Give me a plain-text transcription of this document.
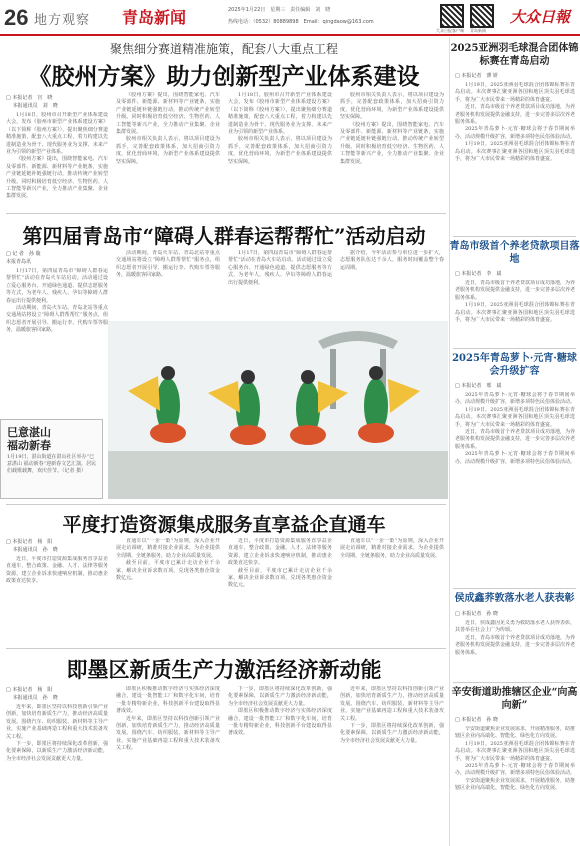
26 地方观察 青岛新闻	2025年1月22日　星期三　责任编辑　刘　晓
热线电话：（0532）80889898　Email：qingdaow@163.com
大众日报客户端 青岛新闻
大众日報
聚焦细分赛道精准施策，配套八大重点工程
《胶州方案》助力创新型产业体系建设
□ 本报记者　宫　晓
　 本报通讯员　刘　晓

1月18日，胶州市召开新型产业体系建设大会，发布《胶州市新型产业体系建设方案》（以下简称《胶州方案》），提出聚焦细分赛道精准施策，配套八大重点工程，着力构建以先进制造业为骨干、现代服务业为支撑、未来产业为引领的新型产业体系。

《胶州方案》提出，围绕智能家电、汽车及零部件、新能源、新材料等产业链条，实施产业链延链补链强链行动，推动传统产业转型升级。同时积极培育低空经济、生物医药、人工智能等新兴产业，全力推动产业集聚、企业集群发展。

《胶州方案》提出，围绕智能家电、汽车及零部件、新能源、新材料等产业链条，实施产业链延链补链强链行动，推动传统产业转型升级。同时积极培育低空经济、生物医药、人工智能等新兴产业，全力推动产业集聚、企业集群发展。

胶州市相关负责人表示，将以项目建设为抓手，完善配套政策体系，加大招商引资力度，优化营商环境，为新型产业体系建设提供坚实保障。

1月18日，胶州市召开新型产业体系建设大会，发布《胶州市新型产业体系建设方案》（以下简称《胶州方案》），提出聚焦细分赛道精准施策，配套八大重点工程，着力构建以先进制造业为骨干、现代服务业为支撑、未来产业为引领的新型产业体系。

胶州市相关负责人表示，将以项目建设为抓手，完善配套政策体系，加大招商引资力度，优化营商环境，为新型产业体系建设提供坚实保障。

胶州市相关负责人表示，将以项目建设为抓手，完善配套政策体系，加大招商引资力度，优化营商环境，为新型产业体系建设提供坚实保障。

《胶州方案》提出，围绕智能家电、汽车及零部件、新能源、新材料等产业链条，实施产业链延链补链强链行动，推动传统产业转型升级。同时积极培育低空经济、生物医药、人工智能等新兴产业，全力推动产业集聚、企业集群发展。

第四届青岛市“障碍人群春运帮帮忙”活动启动
□ 记 者　孙 璇
本报青岛讯

1月17日，第四届青岛市“障碍人群春运帮帮忙”活动在青岛火车站启动。活动通过设立爱心服务台、开通绿色通道、提供志愿服务等方式，为老年人、残疾人、孕妇等障碍人群春运出行提供便利。

活动期间，青岛火车站、青岛北站等重点交通场站将设立“障碍人群帮帮忙”服务点，组织志愿者开展引导、搬运行李、代购车票等服务，温暖旅客回家路。

活动期间，青岛火车站、青岛北站等重点交通场站将设立“障碍人群帮帮忙”服务点，组织志愿者开展引导、搬运行李、代购车票等服务，温暖旅客回家路。

1月17日，第四届青岛市“障碍人群春运帮帮忙”活动在青岛火车站启动。活动通过设立爱心服务台、开通绿色通道、提供志愿服务等方式，为老年人、残疾人、孕妇等障碍人群春运出行提供便利。

据介绍，今年活动参与单位进一步扩大，志愿服务队伍达千余人，服务时间覆盖整个春运周期。

巳意湛山
福动新春
1月19日，湛山街道在湛山社区举办“巳意湛山 福动新春”迎新春文艺汇演，居民们载歌载舞，欢庆佳节。（记者 摄）
平度打造资源集成服务直享益企直通车
□ 本报记者　杨　阳
　 本报通讯员　孙　晓

近日，平度市打造资源集成服务直享益企直通车，整合政策、金融、人才、法律等服务资源，建立企业诉求快速响应机制，推动惠企政策直达快享。

直通车以“一企一策”为原则，深入企业开展走访调研，精准对接企业需求，为企业提供全周期、全链条服务，助力企业高质量发展。

截至目前，平度市已累计走访企业千余家，解决企业诉求数百项，兑现各类惠企资金数亿元。

近日，平度市打造资源集成服务直享益企直通车，整合政策、金融、人才、法律等服务资源，建立企业诉求快速响应机制，推动惠企政策直达快享。

截至目前，平度市已累计走访企业千余家，解决企业诉求数百项，兑现各类惠企资金数亿元。

直通车以“一企一策”为原则，深入企业开展走访调研，精准对接企业需求，为企业提供全周期、全链条服务，助力企业高质量发展。

即墨区新质生产力激活经济新动能
□ 本报记者　杨　阳
　 本报通讯员　孙　晓

近年来，即墨区坚持以科技创新引领产业创新，加快培育新质生产力，推动经济高质量发展。围绕汽车、纺织服装、新材料等主导产业，实施产业基础再造工程和重大技术装备攻关工程。

下一步，即墨区将持续深化改革创新，强化要素保障，以新质生产力激活经济新动能，为全市经济社会发展贡献更大力量。

即墨区积极推动数字经济与实体经济深度融合，建设一批智能工厂和数字化车间，培育一批专精特新企业，科技创新平台建设取得显著成效。

近年来，即墨区坚持以科技创新引领产业创新，加快培育新质生产力，推动经济高质量发展。围绕汽车、纺织服装、新材料等主导产业，实施产业基础再造工程和重大技术装备攻关工程。

下一步，即墨区将持续深化改革创新，强化要素保障，以新质生产力激活经济新动能，为全市经济社会发展贡献更大力量。

即墨区积极推动数字经济与实体经济深度融合，建设一批智能工厂和数字化车间，培育一批专精特新企业，科技创新平台建设取得显著成效。

近年来，即墨区坚持以科技创新引领产业创新，加快培育新质生产力，推动经济高质量发展。围绕汽车、纺织服装、新材料等主导产业，实施产业基础再造工程和重大技术装备攻关工程。

下一步，即墨区将持续深化改革创新，强化要素保障，以新质生产力激活经济新动能，为全市经济社会发展贡献更大力量。

2025亚洲羽毛球混合团体锦标赛在青岛启动
□ 本报记者　薄 妍

1月19日，2025亚洲羽毛球混合团体锦标赛在青岛启动。本次赛事汇聚亚洲各国和地区顶尖羽毛球选手，将为广大市民带来一场精彩的体育盛宴。

近日，青岛市级首个养老贷款项目成功落地，为养老服务机构发展提供金融支持，进一步完善多层次养老服务体系。

2025年青岛萝卜·元宵·糖球会将于春节期间举办，活动规模升级扩容，新增多项特色民俗体验活动。

1月19日，2025亚洲羽毛球混合团体锦标赛在青岛启动。本次赛事汇聚亚洲各国和地区顶尖羽毛球选手，将为广大市民带来一场精彩的体育盛宴。

青岛市级首个养老贷款项目落地
□ 本报记者　李　斌

近日，青岛市级首个养老贷款项目成功落地，为养老服务机构发展提供金融支持，进一步完善多层次养老服务体系。

1月19日，2025亚洲羽毛球混合团体锦标赛在青岛启动。本次赛事汇聚亚洲各国和地区顶尖羽毛球选手，将为广大市民带来一场精彩的体育盛宴。

2025年青岛萝卜·元宵·糖球会升级扩容
□ 本报记者　邢　斌

2025年青岛萝卜·元宵·糖球会将于春节期间举办，活动规模升级扩容，新增多项特色民俗体验活动。

1月19日，2025亚洲羽毛球混合团体锦标赛在青岛启动。本次赛事汇聚亚洲各国和地区顶尖羽毛球选手，将为广大市民带来一场精彩的体育盛宴。

近日，青岛市级首个养老贷款项目成功落地，为养老服务机构发展提供金融支持，进一步完善多层次养老服务体系。

2025年青岛萝卜·元宵·糖球会将于春节期间举办，活动规模升级扩容，新增多项特色民俗体验活动。

侯成鑫荞敦落水老人获表彰
□ 本报记者　孙 晓

近日，侯成鑫因见义勇为救助落水老人获得表彰，其善举在社会上广为传颂。

近日，青岛市级首个养老贷款项目成功落地，为养老服务机构发展提供金融支持，进一步完善多层次养老服务体系。

辛安街道助推辖区企业“向高向新”
□ 本报记者　孙 晓

辛安街道聚焦企业发展需求，开展精准服务，助推辖区企业向高端化、智能化、绿色化方向发展。

1月19日，2025亚洲羽毛球混合团体锦标赛在青岛启动。本次赛事汇聚亚洲各国和地区顶尖羽毛球选手，将为广大市民带来一场精彩的体育盛宴。

2025年青岛萝卜·元宵·糖球会将于春节期间举办，活动规模升级扩容，新增多项特色民俗体验活动。

辛安街道聚焦企业发展需求，开展精准服务，助推辖区企业向高端化、智能化、绿色化方向发展。
